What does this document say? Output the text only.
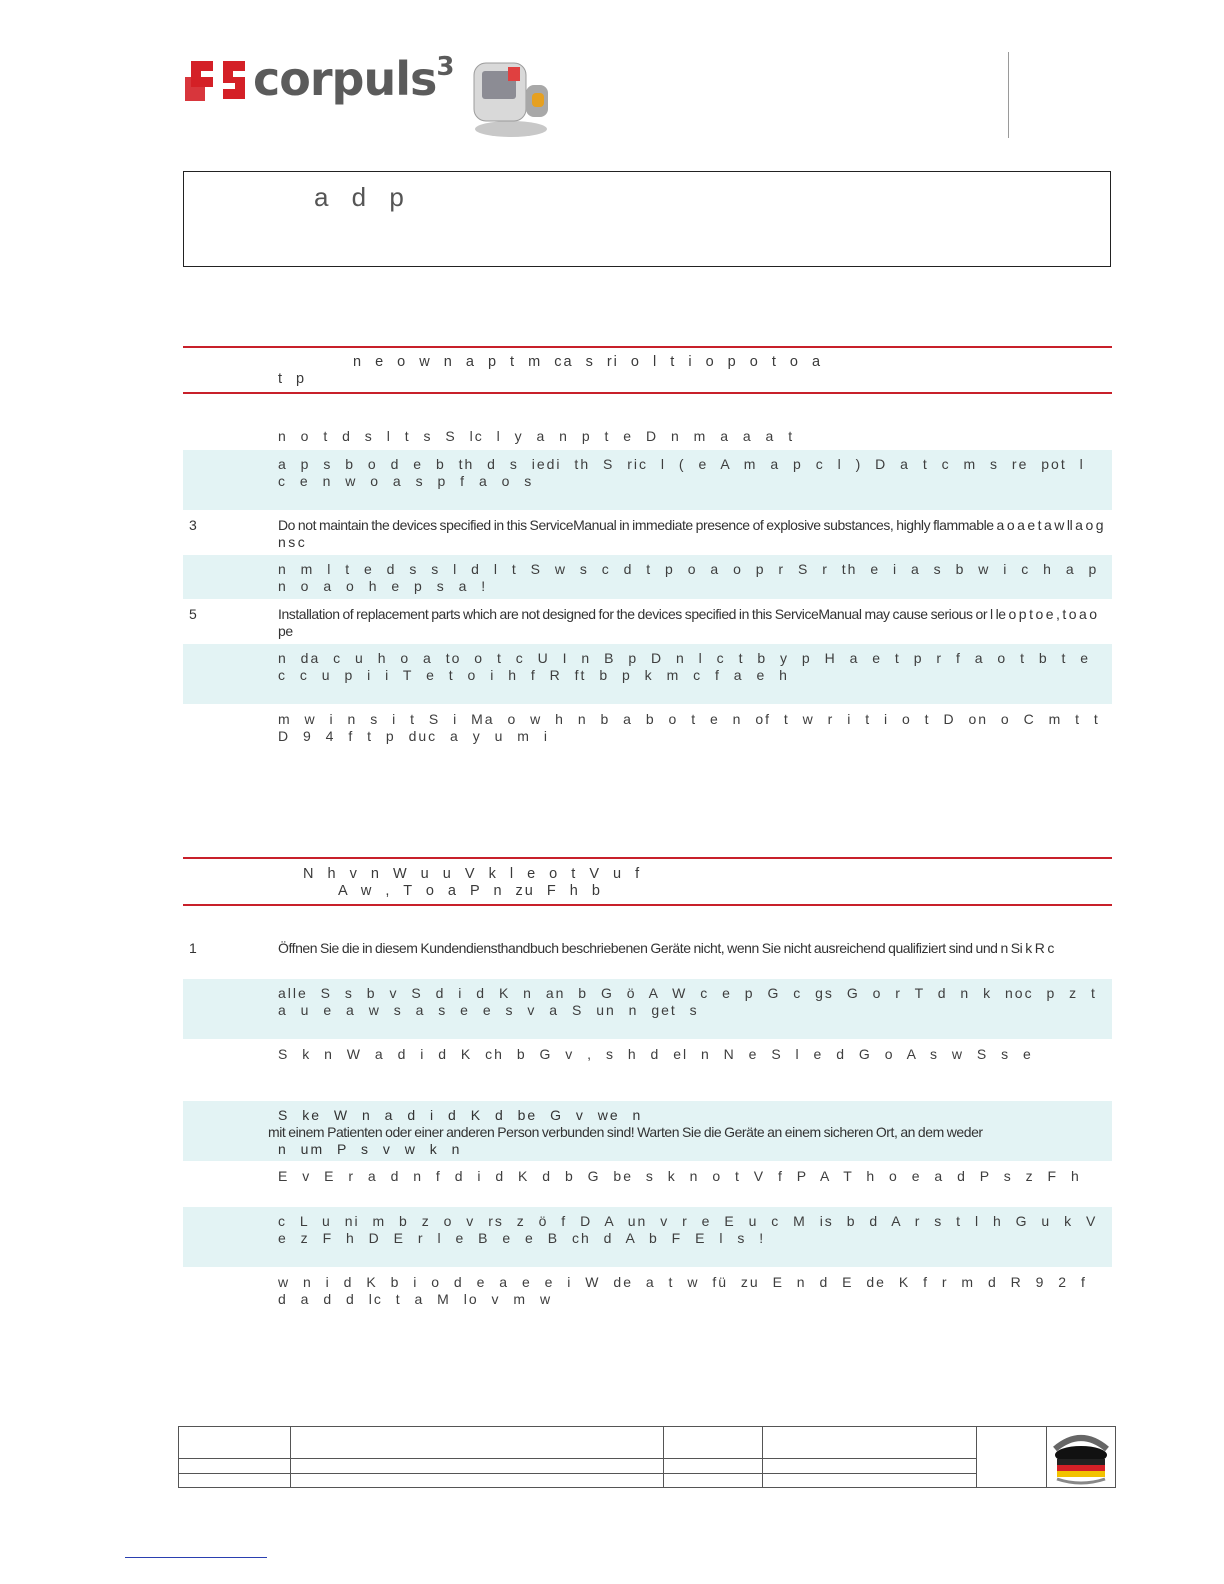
corpuls$^3$
a d p
n e o w n a p t m ca s ri o l t i o p o t o a
t p
n o t d s l t s S lc l y a n p t e D n m a a a t
a p s b o d e b th d s iedi th S ric l ( e A m a p c l ) D a t c m s re pot l c e n w o a s p f a o s
3	Do not maintain the devices specified in this ServiceManual in immediate presence of explosive substances, highly flammable a o a e t a w ll a o g n s c
n m l t e d s s l d l t S w s c d t p o a o p r S r th e i a s b w i c h a p n o a o h e p s a !
5	Installation of replacement parts which are not designed for the devices specified in this ServiceManual may cause serious or l le o p t o e , t o a o pe
n da c u h o a to o t c U I n B p D n l c t b y p H a e t p r f a o t b t e c c u p i i T e t o i h f R ft b p k m c f a e h
m w i n s i t S i Ma o w h n b a b o t e n of t w r i t i o t D on o C m t t D 9 4 f t p duc a y u m i
N h v n W u u V k l e o t V u f
A w , T o a P n zu F h b
1	Öffnen Sie die in diesem Kundendiensthandbuch beschriebenen Geräte nicht, wenn Sie nicht ausreichend qualifiziert sind und n Si k R c
alle S s b v S d i d K n an b G ö A W c e p G c gs G o r T d n k noc p z t a u e a w s a s e e s v a S un n get s
S k n W a d i d K ch b G v , s h d el n N e S l e d G o A s w S s e
S ke W n a d i d K d be G v we n
mit einem Patienten oder einer anderen Person verbunden sind! Warten Sie die Geräte an einem sicheren Ort, an dem weder
n um P s v w k n
E v E r a d n f d i d K d b G be s k n o t V f P A T h o e a d P s z F h
c L u ni m b z o v rs z ö f D A un v r e E u c M is b d A r s t l h G u k V e z F h D E r l e B e e B ch d A b F E l s !
w n i d K b i o d e a e e i W de a t w fü zu E n d E de K f r m d R 9 2 f d a d d lc t a M lo v m w
